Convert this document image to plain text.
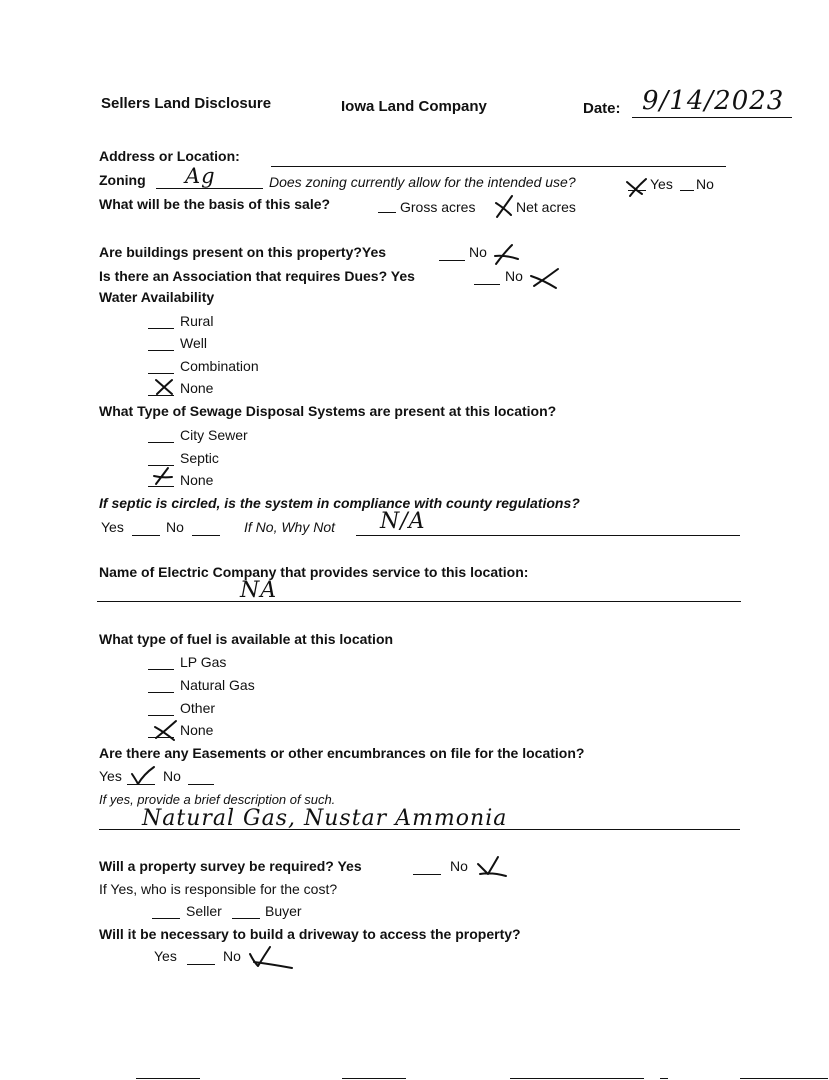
Sellers Land Disclosure	Iowa Land Company	Date: 9/14/2023
Address or Location:
Zoning Ag	Does zoning currently allow for the intended use?	Yes No
What will be the basis of this sale?	Gross acres	Net acres
Are buildings present on this property?Yes	No
Is there an Association that requires Dues? Yes	No
Water Availability
Rural
Well
Combination
None
What Type of Sewage Disposal Systems are present at this location?
City Sewer
Septic
None
If septic is circled, is the system in compliance with county regulations?
Yes	No	If No, Why Not N/A
Name of Electric Company that provides service to this location:
NA
What type of fuel is available at this location
LP Gas
Natural Gas
Other
None
Are there any Easements or other encumbrances on file for the location?
Yes	No
If yes, provide a brief description of such.
Natural Gas, Nustar Ammonia
Will a property survey be required? Yes	No
If Yes, who is responsible for the cost?
Seller	Buyer
Will it be necessary to build a driveway to access the property?
Yes	No
